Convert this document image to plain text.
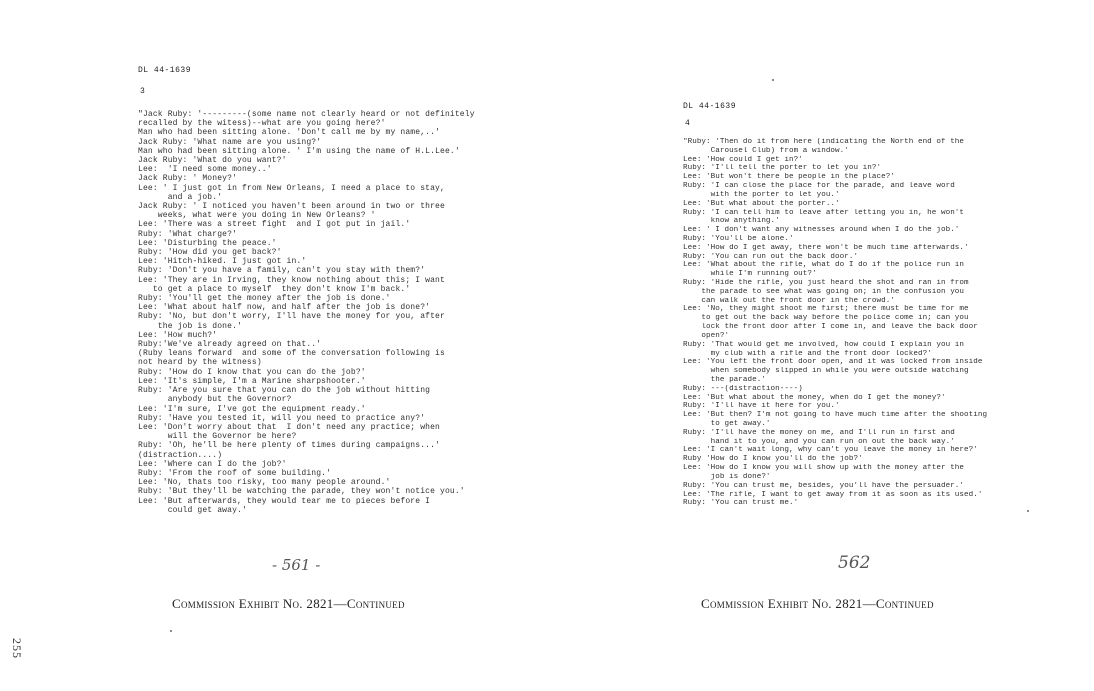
DL 44-1639

3

"Jack Ruby: '---------(some name not clearly heard or not definitely
recalled by the witess)--what are you going here?'
Man who had been sitting alone. 'Don't call me by my name,..'
Jack Ruby: 'What name are you using?'
Man who had been sitting alone. ' I'm using the name of H.L.Lee.'
Jack Ruby: 'What do you want?'
Lee:  'I need some money..'
Jack Ruby: ' Money?'
Lee: ' I just got in from New Orleans, I need a place to stay,
and a job.'
Jack Ruby: ' I noticed you haven't been around in two or three
weeks, what were you doing in New Orleans? '
Lee: 'There was a street fight  and I got put in jail.'
Ruby: 'What charge?'
Lee: 'Disturbing the peace.'
Ruby: 'How did you get back?'
Lee: 'Hitch-hiked. I just got in.'
Ruby: 'Don't you have a family, can't you stay with them?'
Lee: 'They are in Irving, they know nothing about this; I want
to get a place to myself  they don't know I'm back.'
Ruby: 'You'll get the money after the job is done.'
Lee: 'What about half now, and half after the job is done?'
Ruby: 'No, but don't worry, I'll have the money for you, after
the job is done.'
Lee: 'How much?'
Ruby:'We've already agreed on that..'
(Ruby leans forward  and some of the conversation following is
not heard by the witness)
Ruby: 'How do I know that you can do the job?'
Lee: 'It's simple, I'm a Marine sharpshooter.'
Ruby: 'Are you sure that you can do the job without hitting
anybody but the Governor?
Lee: 'I'm sure, I've got the equipment ready.'
Ruby: 'Have you tested it, will you need to practice any?'
Lee: 'Don't worry about that  I don't need any practice; when
will the Governor be here?
Ruby: 'Oh, he'll be here plenty of times during campaigns...'
(distraction....)
Lee: 'Where can I do the job?'
Ruby: 'From the roof of some building.'
Lee: 'No, thats too risky, too many people around.'
Ruby: 'But they'll be watching the parade, they won't notice you.'
Lee: 'But afterwards, they would tear me to pieces before I
could get away.'

DL 44-1639

4

"Ruby: 'Then do it from here (indicating the North end of the
Carousel Club) from a window.'
Lee: 'How could I get in?'
Ruby: 'I'll tell the porter to let you in?'
Lee: 'But won't there be people in the place?'
Ruby: 'I can close the place for the parade, and leave word
with the porter to let you.'
Lee: 'But what about the porter..'
Ruby: 'I can tell him to leave after letting you in, he won't
know anything.'
Lee: ' I don't want any witnesses around when I do the job.'
Ruby: 'You'll be alone.'
Lee: 'How do I get away, there won't be much time afterwards.'
Ruby: 'You can run out the back door.'
Lee: 'What about the rifle, what do I do if the police run in
while I'm running out?'
Ruby: 'Hide the rifle, you just heard the shot and ran in from
the parade to see what was going on; in the confusion you
can walk out the front door in the crowd.'
Lee: 'No, they might shoot me first; there must be time for me
to get out the back way before the police come in; can you
lock the front door after I come in, and leave the back door
open?'
Ruby: 'That would get me involved, how could I explain you in
my club with a rifle and the front door locked?'
Lee: 'You left the front door open, and it was locked from inside
when somebody slipped in while you were outside watching
the parade.'
Ruby: ---(distraction----)
Lee: 'But what about the money, when do I get the money?'
Ruby: 'I'll have it here for you.'
Lee: 'But then? I'm not going to have much time after the shooting
to get away.'
Ruby: 'I'll have the money on me, and I'll run in first and
hand it to you, and you can run on out the back way.'
Lee: 'I can't wait long, why can't you leave the money in here?'
Ruby 'How do I know you'll do the job?'
Lee: 'How do I know you will show up with the money after the
job is done?'
Ruby: 'You can trust me, besides, you'll have the persuader.'
Lee: 'The rifle, I want to get away from it as soon as its used.'
Ruby: 'You can trust me.'
- 561 -	562
Commission Exhibit No. 2821—Continued	Commission Exhibit No. 2821—Continued
255
